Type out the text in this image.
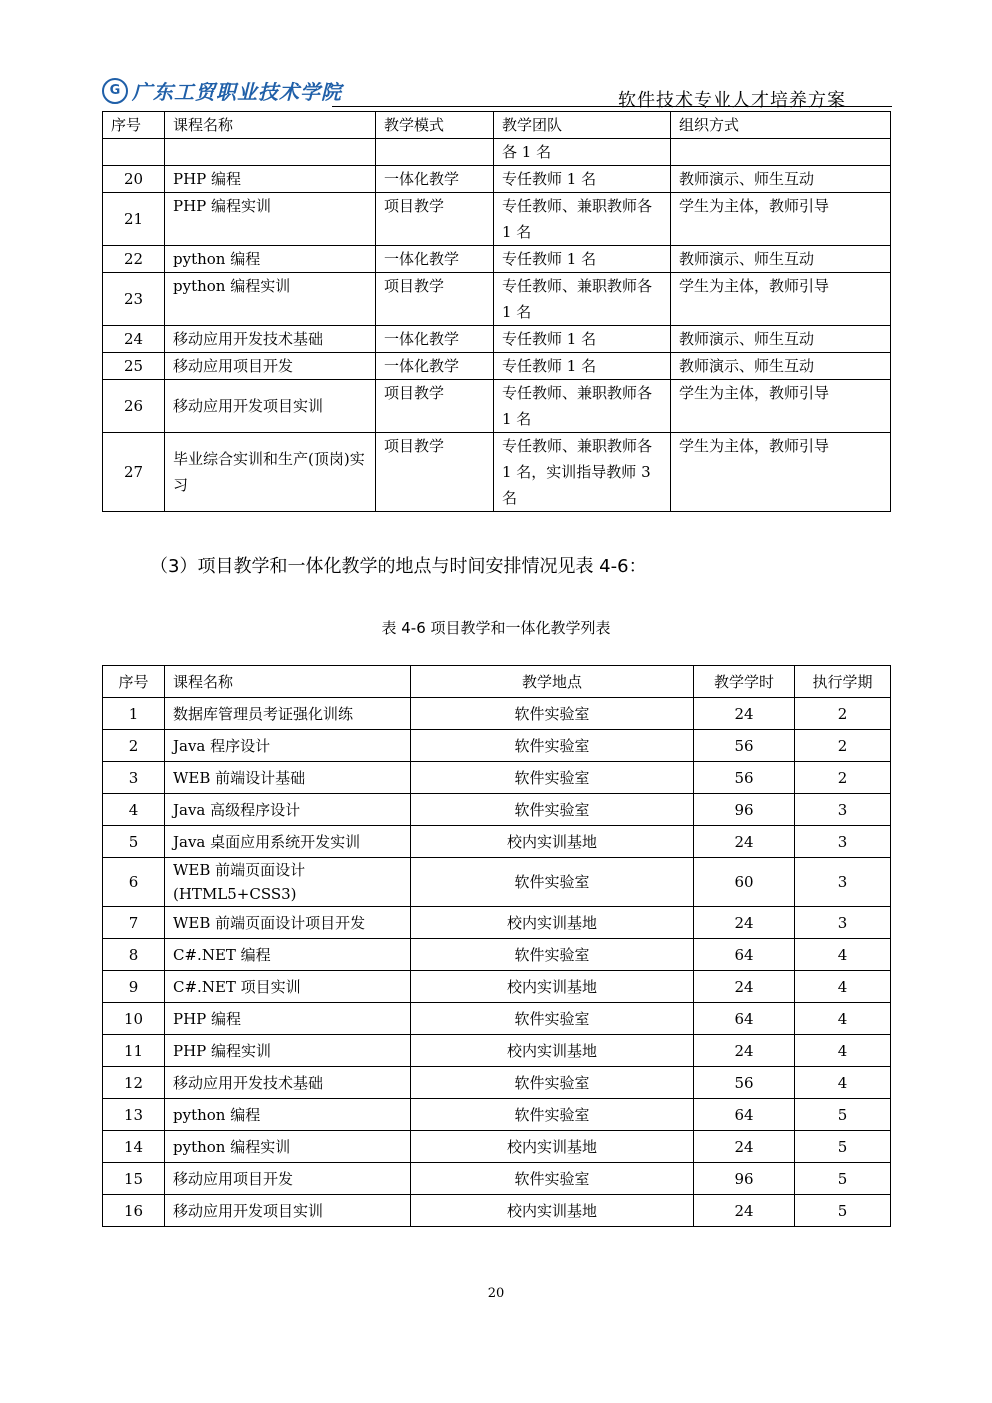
G 广东工贸职业技术学院	软件技术专业人才培养方案
序号	课程名称	教学模式	教学团队	组织方式
			各 1 名	
20	PHP 编程	一体化教学	专任教师 1 名	教师演示、师生互动
21	PHP 编程实训	项目教学	专任教师、兼职教师各 1 名	学生为主体，教师引导
22	python 编程	一体化教学	专任教师 1 名	教师演示、师生互动
23	python 编程实训	项目教学	专任教师、兼职教师各 1 名	学生为主体，教师引导
24	移动应用开发技术基础	一体化教学	专任教师 1 名	教师演示、师生互动
25	移动应用项目开发	一体化教学	专任教师 1 名	教师演示、师生互动
26	移动应用开发项目实训	项目教学	专任教师、兼职教师各 1 名	学生为主体，教师引导
27	毕业综合实训和生产(顶岗)实习	项目教学	专任教师、兼职教师各 1 名，实训指导教师 3 名	学生为主体，教师引导
（3）项目教学和一体化教学的地点与时间安排情况见表 4-6：
表 4-6 项目教学和一体化教学列表
序号	课程名称	教学地点	教学学时	执行学期
1	数据库管理员考证强化训练	软件实验室	24	2
2	Java 程序设计	软件实验室	56	2
3	WEB 前端设计基础	软件实验室	56	2
4	Java 高级程序设计	软件实验室	96	3
5	Java 桌面应用系统开发实训	校内实训基地	24	3
6	WEB 前端页面设计 (HTML5+CSS3)	软件实验室	60	3
7	WEB 前端页面设计项目开发	校内实训基地	24	3
8	C#.NET 编程	软件实验室	64	4
9	C#.NET 项目实训	校内实训基地	24	4
10	PHP 编程	软件实验室	64	4
11	PHP 编程实训	校内实训基地	24	4
12	移动应用开发技术基础	软件实验室	56	4
13	python 编程	软件实验室	64	5
14	python 编程实训	校内实训基地	24	5
15	移动应用项目开发	软件实验室	96	5
16	移动应用开发项目实训	校内实训基地	24	5
20
